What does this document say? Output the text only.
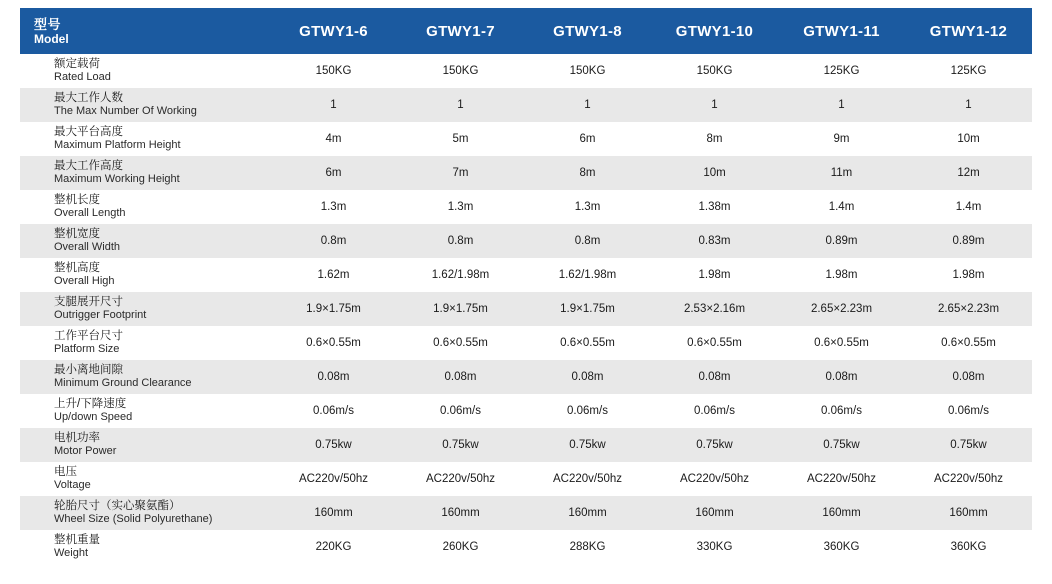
型号
Model	GTWY1-6	GTWY1-7	GTWY1-8	GTWY1-10	GTWY1-11	GTWY1-12

额定载荷
Rated Load	150KG	150KG	150KG	150KG	125KG	125KG

最大工作人数
The Max Number Of Working	1	1	1	1	1	1

最大平台高度
Maximum Platform Height	4m	5m	6m	8m	9m	10m

最大工作高度
Maximum Working Height	6m	7m	8m	10m	11m	12m

整机长度
Overall Length	1.3m	1.3m	1.3m	1.38m	1.4m	1.4m

整机宽度
Overall Width	0.8m	0.8m	0.8m	0.83m	0.89m	0.89m

整机高度
Overall High	1.62m	1.62/1.98m	1.62/1.98m	1.98m	1.98m	1.98m

支腿展开尺寸
Outrigger Footprint	1.9×1.75m	1.9×1.75m	1.9×1.75m	2.53×2.16m	2.65×2.23m	2.65×2.23m

工作平台尺寸
Platform Size	0.6×0.55m	0.6×0.55m	0.6×0.55m	0.6×0.55m	0.6×0.55m	0.6×0.55m

最小离地间隙
Minimum Ground Clearance	0.08m	0.08m	0.08m	0.08m	0.08m	0.08m

上升/下降速度
Up/down Speed	0.06m/s	0.06m/s	0.06m/s	0.06m/s	0.06m/s	0.06m/s

电机功率
Motor Power	0.75kw	0.75kw	0.75kw	0.75kw	0.75kw	0.75kw

电压
Voltage	AC220v/50hz	AC220v/50hz	AC220v/50hz	AC220v/50hz	AC220v/50hz	AC220v/50hz

轮胎尺寸（实心聚氨酯）
Wheel Size (Solid Polyurethane)	160mm	160mm	160mm	160mm	160mm	160mm

整机重量
Weight	220KG	260KG	288KG	330KG	360KG	360KG
